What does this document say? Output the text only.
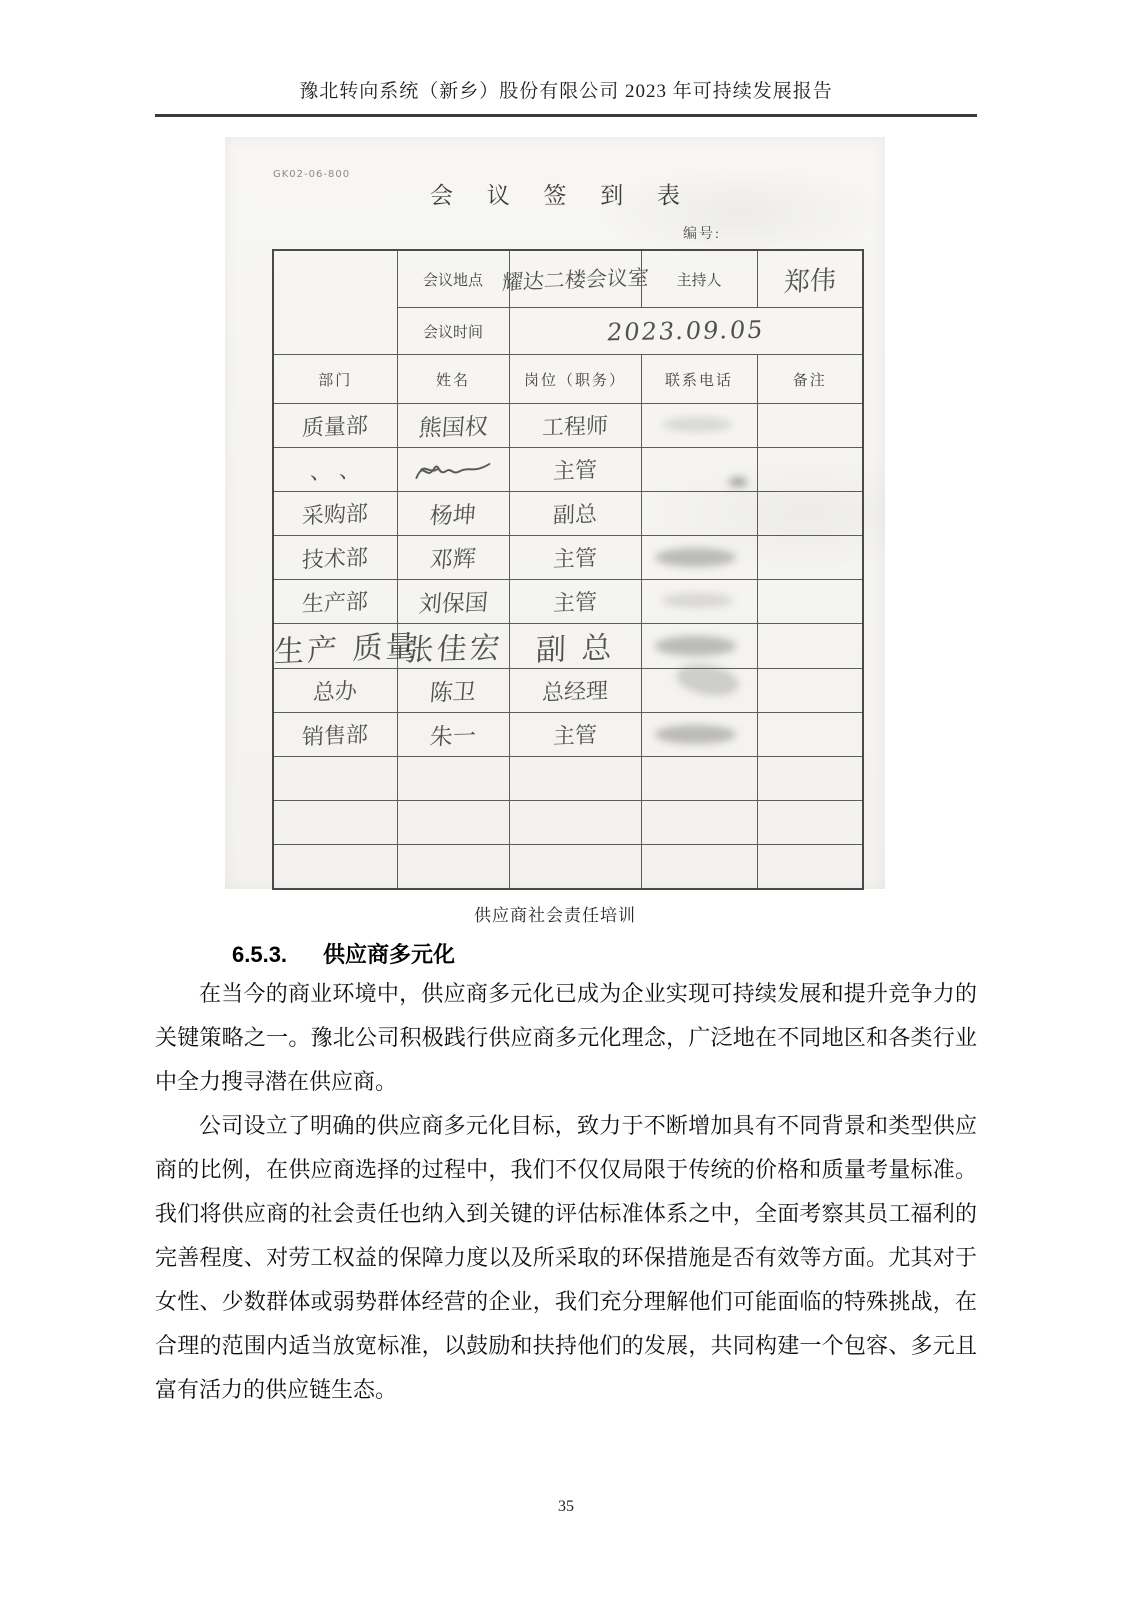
豫北转向系统（新乡）股份有限公司 2023 年可持续发展报告
GK02-06-800
会 议 签 到 表
编号:
	会议地点	耀达二楼会议室	主持人	郑伟
	会议时间	2023.09.05		
部门	姓名	岗位（职务）	联系电话	备注
质量部	熊国权	工程师	

、 、		主管	

采购部	杨坤	副总		
技术部	邓辉	主管	

生产部	刘保国	主管	

生产 质量	张佳宏	副 总	

总办	陈卫	总经理	

销售部	朱一	主管	

供应商社会责任培训
6.5.3. 供应商多元化

在当今的商业环境中，供应商多元化已成为企业实现可持续发展和提升竞争力的关键策略之一。豫北公司积极践行供应商多元化理念，广泛地在不同地区和各类行业中全力搜寻潜在供应商。

公司设立了明确的供应商多元化目标，致力于不断增加具有不同背景和类型供应商的比例，在供应商选择的过程中，我们不仅仅局限于传统的价格和质量考量标准。我们将供应商的社会责任也纳入到关键的评估标准体系之中，全面考察其员工福利的完善程度、对劳工权益的保障力度以及所采取的环保措施是否有效等方面。尤其对于女性、少数群体或弱势群体经营的企业，我们充分理解他们可能面临的特殊挑战，在合理的范围内适当放宽标准，以鼓励和扶持他们的发展，共同构建一个包容、多元且富有活力的供应链生态。

35
